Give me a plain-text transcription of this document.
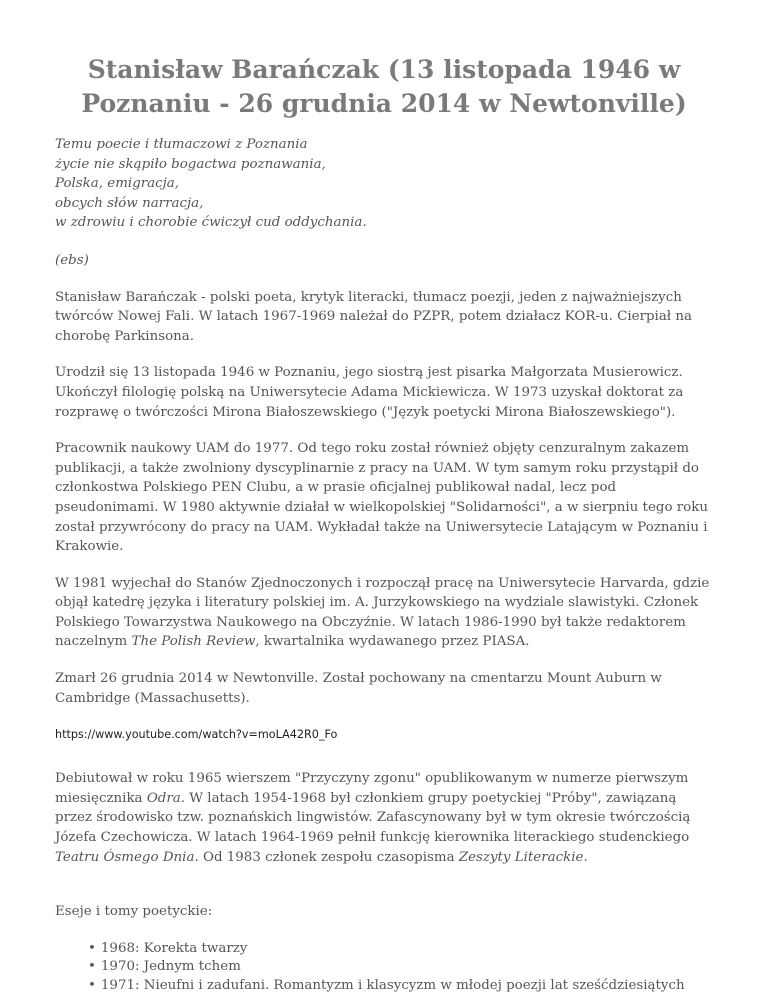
Stanisław Barańczak (13 listopada 1946 w Poznaniu - 26 grudnia 2014 w Newtonville)
Temu poecie i tłumaczowi z Poznania
życie nie skąpiło bogactwa poznawania,
Polska, emigracja,
obcych słów narracja,
w zdrowiu i chorobie ćwiczył cud oddychania.
(ebs)

Stanisław Barańczak - polski poeta, krytyk literacki, tłumacz poezji, jeden z najważniejszych twórców Nowej Fali. W latach 1967-1969 należał do PZPR, potem działacz KOR-u. Cierpiał na chorobę Parkinsona.

Urodził się 13 listopada 1946 w Poznaniu, jego siostrą jest pisarka Małgorzata Musierowicz. Ukończył filologię polską na Uniwersytecie Adama Mickiewicza. W 1973 uzyskał doktorat za rozprawę o twórczości Mirona Białoszewskiego ("Język poetycki Mirona Białoszewskiego").

Pracownik naukowy UAM do 1977. Od tego roku został również objęty cenzuralnym zakazem publikacji, a także zwolniony dyscyplinarnie z pracy na UAM. W tym samym roku przystąpił do członkostwa Polskiego PEN Clubu, a w prasie oficjalnej publikował nadal, lecz pod pseudonimami. W 1980 aktywnie działał w wielkopolskiej "Solidarności", a w sierpniu tego roku został przywrócony do pracy na UAM. Wykładał także na Uniwersytecie Latającym w Poznaniu i Krakowie.

W 1981 wyjechał do Stanów Zjednoczonych i rozpoczął pracę na Uniwersytecie Harvarda, gdzie objął katedrę języka i literatury polskiej im. A. Jurzykowskiego na wydziale slawistyki. Członek Polskiego Towarzystwa Naukowego na Obczyźnie. W latach 1986-1990 był także redaktorem naczelnym The Polish Review, kwartalnika wydawanego przez PIASA.

Zmarł 26 grudnia 2014 w Newtonville. Został pochowany na cmentarzu Mount Auburn w Cambridge (Massachusetts).

https://www.youtube.com/watch?v=moLA42R0_Fo

Debiutował w roku 1965 wierszem "Przyczyny zgonu" opublikowanym w numerze pierwszym miesięcznika Odra. W latach 1954-1968 był członkiem grupy poetyckiej "Próby", zawiązaną przez środowisko tzw. poznańskich lingwistów. Zafascynowany był w tym okresie twórczością Józefa Czechowicza. W latach 1964-1969 pełnił funkcję kierownika literackiego studenckiego Teatru Ósmego Dnia. Od 1983 członek zespołu czasopisma Zeszyty Literackie.

Eseje i tomy poetyckie:

• 1968: Korekta twarzy
• 1970: Jednym tchem
• 1971: Nieufni i zadufani. Romantyzm i klasycyzm w młodej poezji lat sześćdziesiątych
